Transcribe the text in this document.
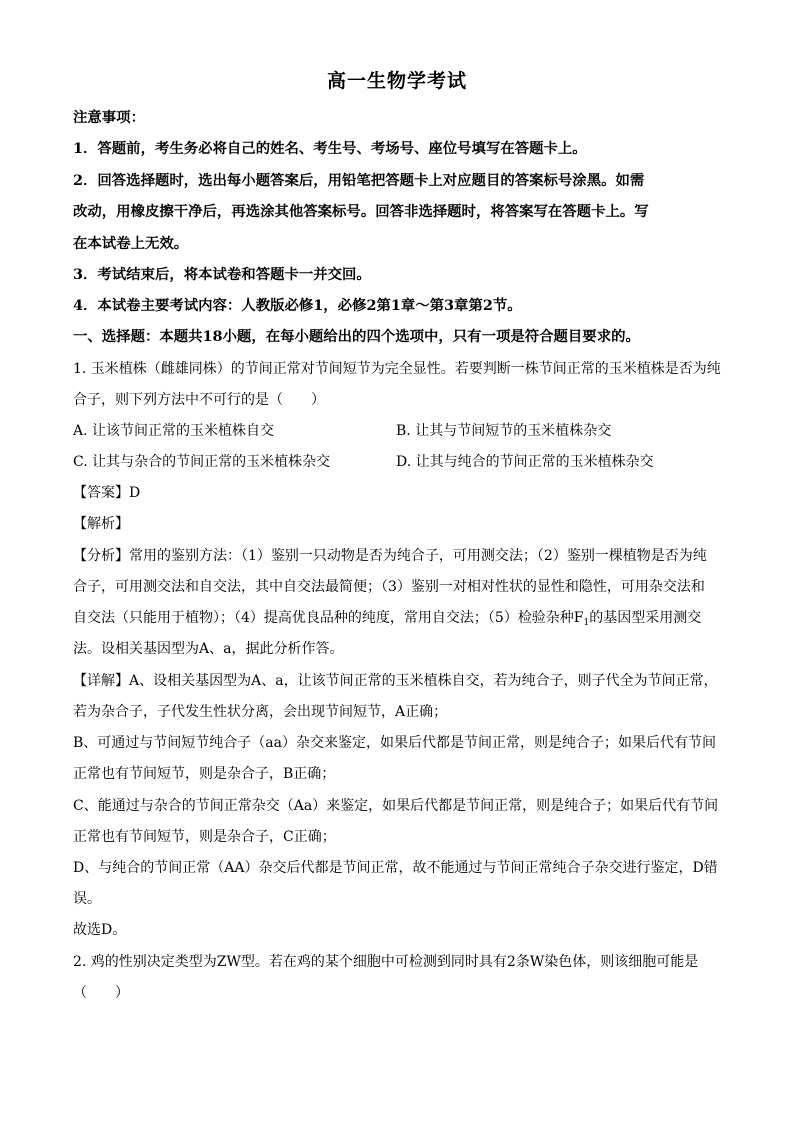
高一生物学考试
注意事项：
1．答题前，考生务必将自己的姓名、考生号、考场号、座位号填写在答题卡上。
2．回答选择题时，选出每小题答案后，用铅笔把答题卡上对应题目的答案标号涂黑。如需
改动，用橡皮擦干净后，再选涂其他答案标号。回答非选择题时，将答案写在答题卡上。写
在本试卷上无效。
3．考试结束后，将本试卷和答题卡一并交回。
4．本试卷主要考试内容：人教版必修1，必修2第1章～第3章第2节。
一、选择题：本题共18小题，在每小题给出的四个选项中，只有一项是符合题目要求的。
1. 玉米植株（雌雄同株）的节间正常对节间短节为完全显性。若要判断一株节间正常的玉米植株是否为纯
合子，则下列方法中不可行的是（　　）
A. 让该节间正常的玉米植株自交	B. 让其与节间短节的玉米植株杂交
C. 让其与杂合的节间正常的玉米植株杂交	D. 让其与纯合的节间正常的玉米植株杂交
【答案】D
【解析】
【分析】常用的鉴别方法：（1）鉴别一只动物是否为纯合子，可用测交法；（2）鉴别一棵植物是否为纯
合子，可用测交法和自交法，其中自交法最简便；（3）鉴别一对相对性状的显性和隐性，可用杂交法和
自交法（只能用于植物）；（4）提高优良品种的纯度，常用自交法；（5）检验杂种$F_1$的基因型采用测交
法。设相关基因型为A、a，据此分析作答。
【详解】A、设相关基因型为A、a，让该节间正常的玉米植株自交，若为纯合子，则子代全为节间正常，
若为杂合子，子代发生性状分离，会出现节间短节，A正确；
B、可通过与节间短节纯合子（aa）杂交来鉴定，如果后代都是节间正常，则是纯合子；如果后代有节间
正常也有节间短节，则是杂合子，B正确；
C、能通过与杂合的节间正常杂交（Aa）来鉴定，如果后代都是节间正常，则是纯合子；如果后代有节间
正常也有节间短节，则是杂合子，C正确；
D、与纯合的节间正常（AA）杂交后代都是节间正常，故不能通过与节间正常纯合子杂交进行鉴定，D错
误。
故选D。
2. 鸡的性别决定类型为ZW型。若在鸡的某个细胞中可检测到同时具有2条W染色体，则该细胞可能是
（　　）
